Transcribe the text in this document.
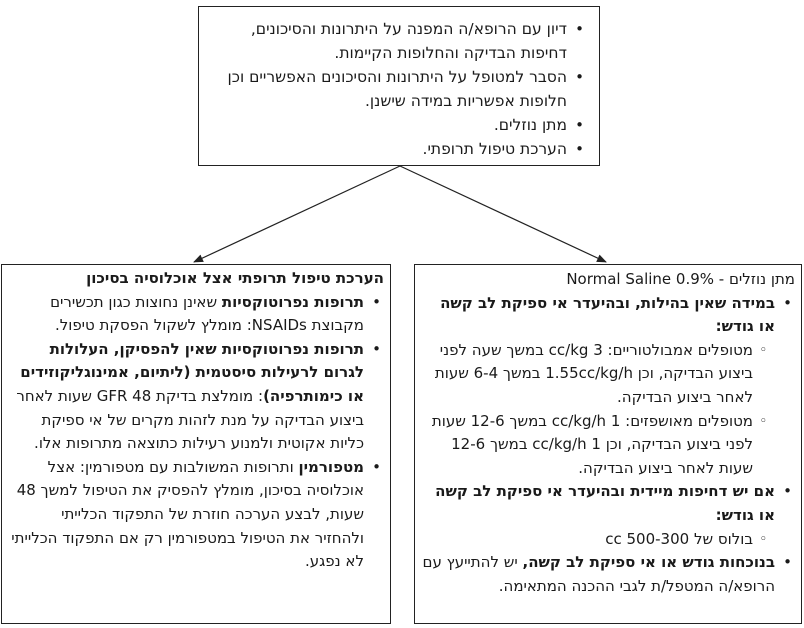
• דיון עם הרופא/ה המפנה על היתרונות והסיכונים, דחיפות הבדיקה והחלופות הקיימות.
• הסבר למטופל על היתרונות והסיכונים האפשריים וכן חלופות אפשריות במידה שישנן.
• מתן נוזלים.
• הערכת טיפול תרופתי.
הערכת טיפול תרופתי אצל אוכלוסיה בסיכון
• תרופות נפרוטוקסיות שאינן נחוצות כגון תכשירים מקבוצת NSAIDs: מומלץ לשקול הפסקת טיפול.
• תרופות נפרוטוקסיות שאין להפסיקן, העלולות לגרום לרעילות סיסטמית (ליתיום, אמינוגליקוזידים או כימותרפיה): מומלצת בדיקת GFR 48 שעות לאחר ביצוע הבדיקה על מנת לזהות מקרים של אי ספיקת כליות אקוטית ולמנוע רעילות כתוצאה מתרופות אלו.
• מטפורמין ותרופות המשולבות עם מטפורמין: אצל אוכלוסיה בסיכון, מומלץ להפסיק את הטיפול למשך 48 שעות, לבצע הערכה חוזרת של התפקוד הכלייתי ולהחזיר את הטיפול במטפורמין רק אם התפקוד הכלייתי לא נפגע.
מתן נוזלים - Normal Saline 0.9%
• במידה שאין בהילות, ובהיעדר אי ספיקת לב קשה או גודש:
◦ מטופלים אמבולטוריים: 3 cc/kg במשך שעה לפני ביצוע הבדיקה, וכן 1.55cc/kg/h במשך 6-4 שעות לאחר ביצוע הבדיקה.
◦ מטופלים מאושפזים: 1 cc/kg/h במשך 12-6 שעות לפני ביצוע הבדיקה, וכן 1 cc/kg/h במשך 12-6 שעות לאחר ביצוע הבדיקה.
• אם יש דחיפות מיידית ובהיעדר אי ספיקת לב קשה או גודש:
◦ בולוס של 500-300 cc
• בנוכחות גודש או אי ספיקת לב קשה, יש להתייעץ עם הרופא/ה המטפל/ת לגבי ההכנה המתאימה.
